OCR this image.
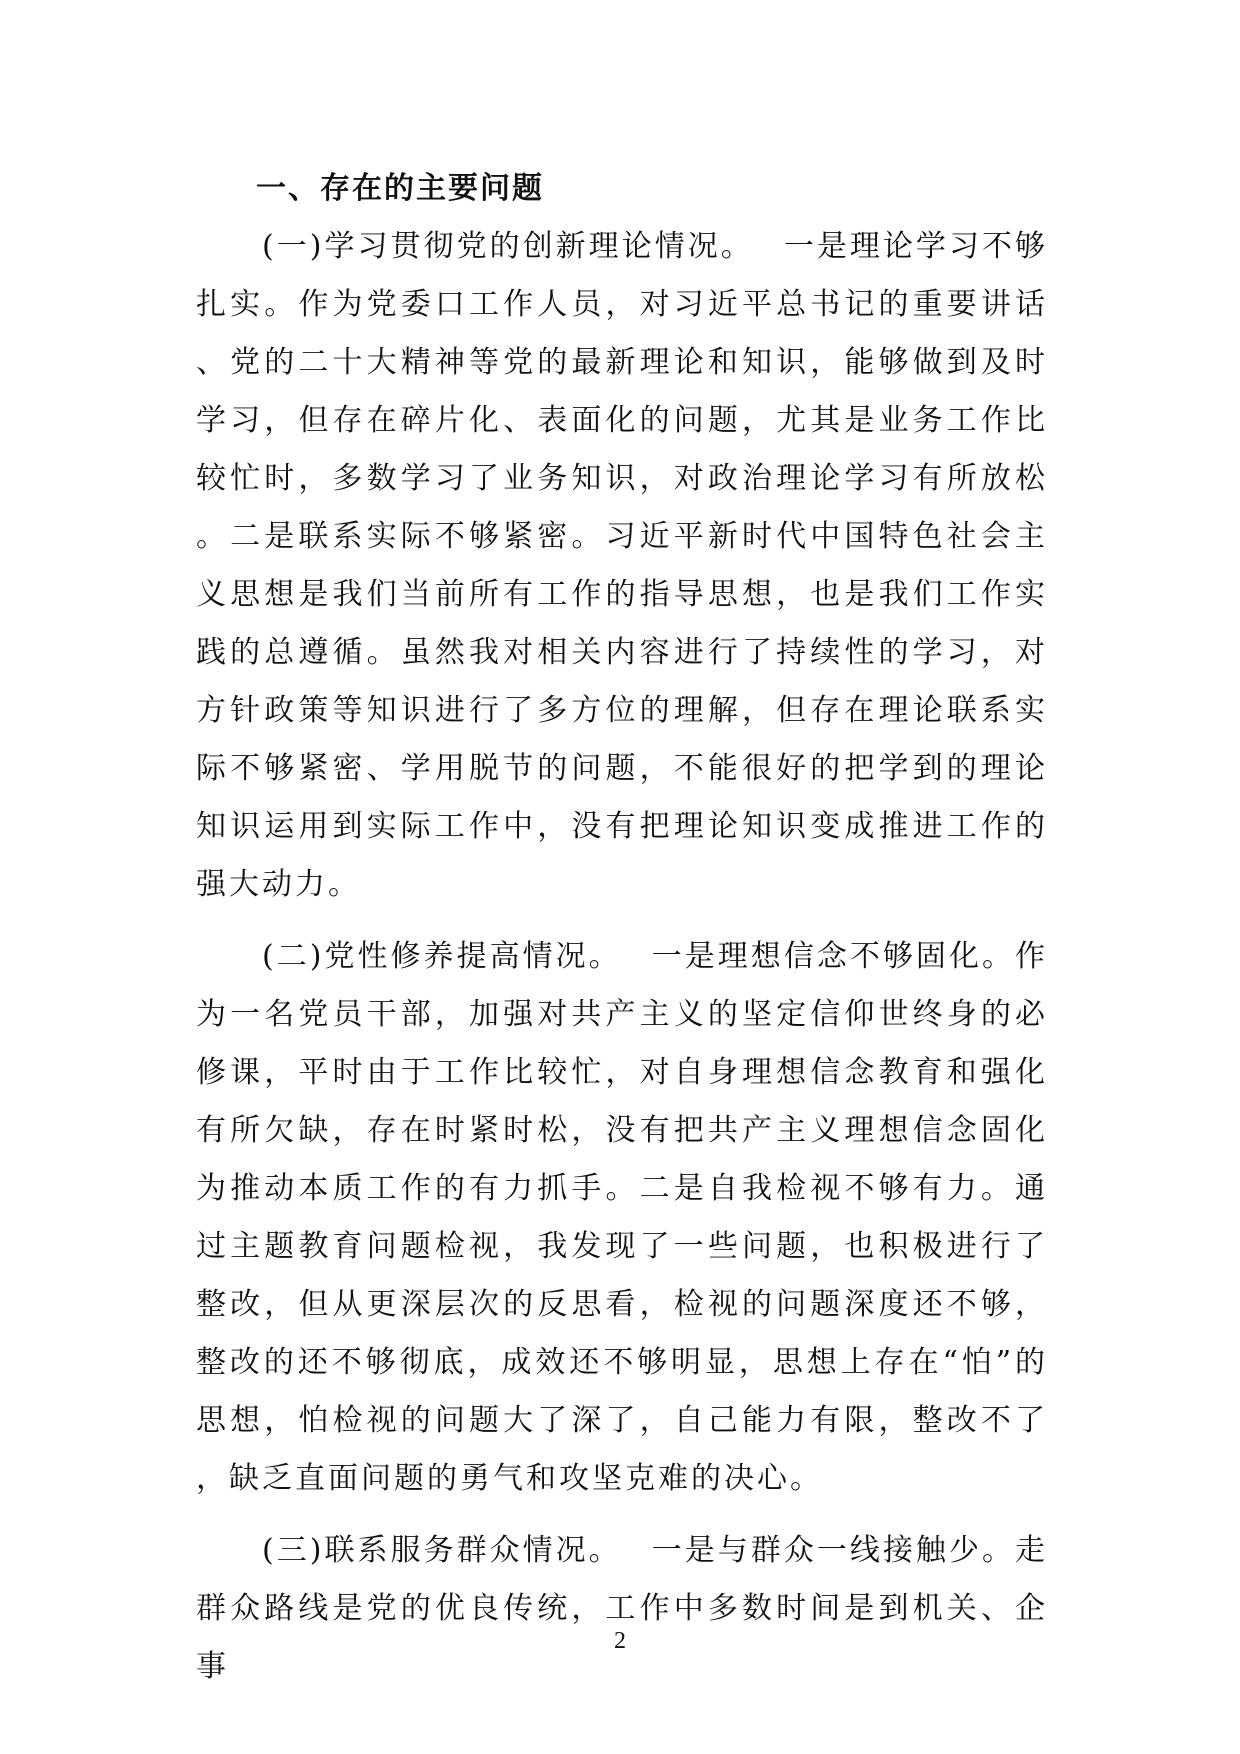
一、存在的主要问题

(一)学习贯彻党的创新理论情况。 一是理论学习不够扎实。作为党委口工作人员，对习近平总书记的重要讲话、党的二十大精神等党的最新理论和知识，能够做到及时学习，但存在碎片化、表面化的问题，尤其是业务工作比较忙时，多数学习了业务知识，对政治理论学习有所放松。二是联系实际不够紧密。习近平新时代中国特色社会主义思想是我们当前所有工作的指导思想，也是我们工作实践的总遵循。虽然我对相关内容进行了持续性的学习，对方针政策等知识进行了多方位的理解，但存在理论联系实际不够紧密、学用脱节的问题，不能很好的把学到的理论知识运用到实际工作中，没有把理论知识变成推进工作的强大动力。

(二)党性修养提高情况。 一是理想信念不够固化。作为一名党员干部，加强对共产主义的坚定信仰世终身的必修课，平时由于工作比较忙，对自身理想信念教育和强化有所欠缺，存在时紧时松，没有把共产主义理想信念固化为推动本质工作的有力抓手。二是自我检视不够有力。通过主题教育问题检视，我发现了一些问题，也积极进行了整改，但从更深层次的反思看，检视的问题深度还不够，整改的还不够彻底，成效还不够明显，思想上存在“怕”的思想，怕检视的问题大了深了，自己能力有限，整改不了，缺乏直面问题的勇气和攻坚克难的决心。

(三)联系服务群众情况。 一是与群众一线接触少。走群众路线是党的优良传统，工作中多数时间是到机关、企事

2
